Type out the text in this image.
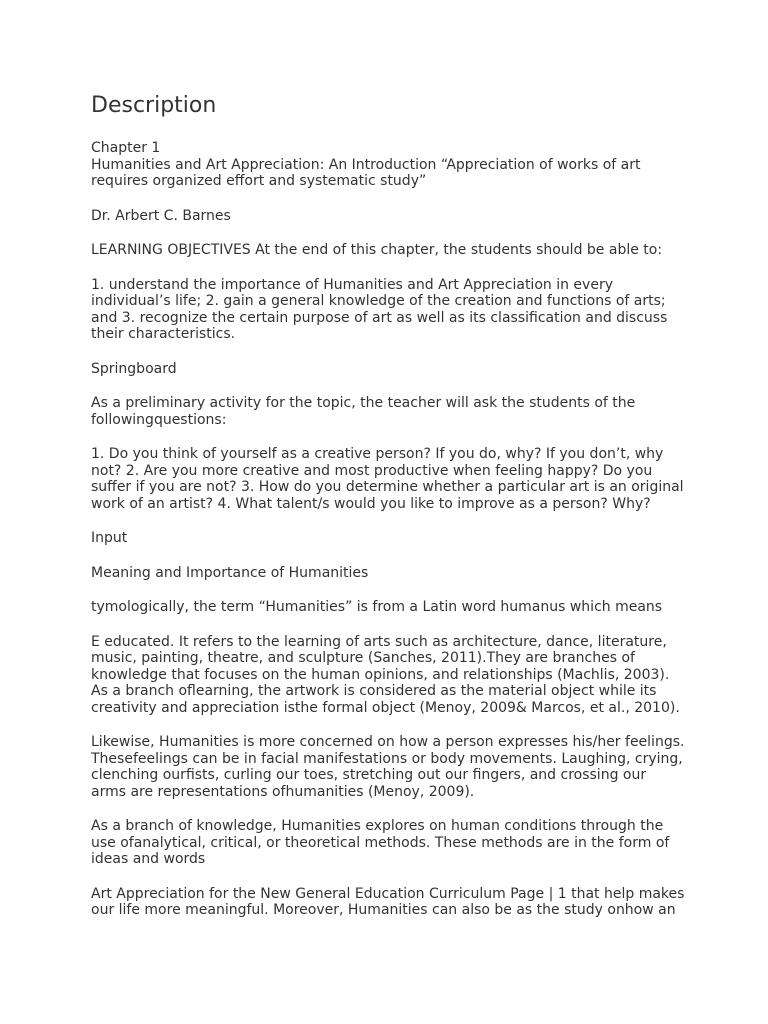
Description

Chapter 1
Humanities and Art Appreciation: An Introduction “Appreciation of works of art
requires organized effort and systematic study”

Dr. Arbert C. Barnes

LEARNING OBJECTIVES At the end of this chapter, the students should be able to:

1. understand the importance of Humanities and Art Appreciation in every
individual’s life; 2. gain a general knowledge of the creation and functions of arts;
and 3. recognize the certain purpose of art as well as its classification and discuss
their characteristics.

Springboard

As a preliminary activity for the topic, the teacher will ask the students of the
followingquestions:

1. Do you think of yourself as a creative person? If you do, why? If you don’t, why
not? 2. Are you more creative and most productive when feeling happy? Do you
suffer if you are not? 3. How do you determine whether a particular art is an original
work of an artist? 4. What talent/s would you like to improve as a person? Why?

Input

Meaning and Importance of Humanities

tymologically, the term “Humanities” is from a Latin word humanus which means

E educated. It refers to the learning of arts such as architecture, dance, literature,
music, painting, theatre, and sculpture (Sanches, 2011).They are branches of
knowledge that focuses on the human opinions, and relationships (Machlis, 2003).
As a branch oflearning, the artwork is considered as the material object while its
creativity and appreciation isthe formal object (Menoy, 2009& Marcos, et al., 2010).

Likewise, Humanities is more concerned on how a person expresses his/her feelings.
Thesefeelings can be in facial manifestations or body movements. Laughing, crying,
clenching ourfists, curling our toes, stretching out our fingers, and crossing our
arms are representations ofhumanities (Menoy, 2009).

As a branch of knowledge, Humanities explores on human conditions through the
use ofanalytical, critical, or theoretical methods. These methods are in the form of
ideas and words

Art Appreciation for the New General Education Curriculum Page | 1 that help makes
our life more meaningful. Moreover, Humanities can also be as the study onhow an
